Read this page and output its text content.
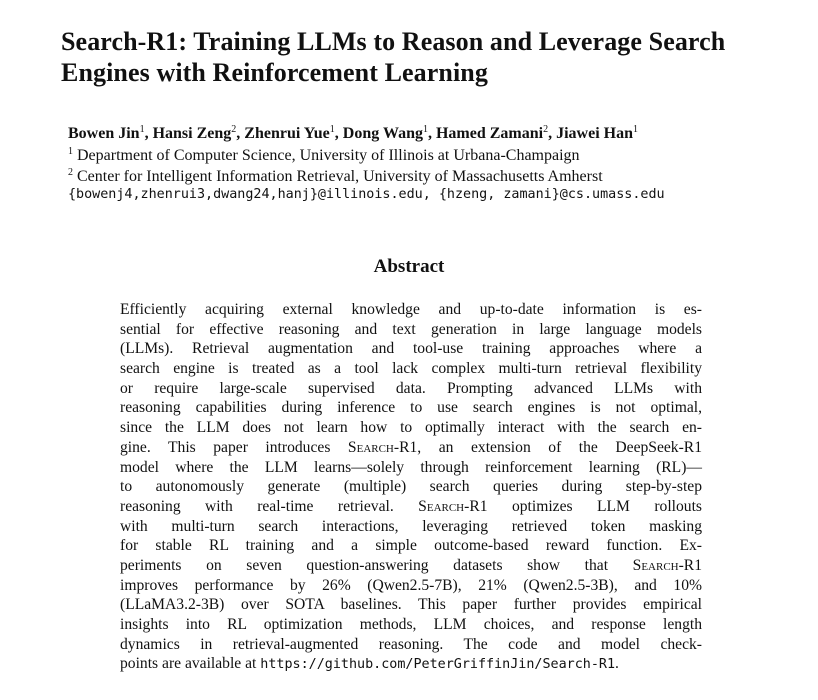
Search-R1: Training LLMs to Reason and Leverage Search
Engines with Reinforcement Learning
Bowen Jin$^1$, Hansi Zeng$^2$, Zhenrui Yue$^1$, Dong Wang$^1$, Hamed Zamani$^2$, Jiawei Han$^1$
$^1$ Department of Computer Science, University of Illinois at Urbana-Champaign
$^2$ Center for Intelligent Information Retrieval, University of Massachusetts Amherst
{bowenj4,zhenrui3,dwang24,hanj}@illinois.edu, {hzeng, zamani}@cs.umass.edu
Abstract
Efficiently acquiring external knowledge and up-to-date information is es-
sential for effective reasoning and text generation in large language models
(LLMs). Retrieval augmentation and tool-use training approaches where a
search engine is treated as a tool lack complex multi-turn retrieval flexibility
or require large-scale supervised data. Prompting advanced LLMs with
reasoning capabilities during inference to use search engines is not optimal,
since the LLM does not learn how to optimally interact with the search en-
gine. This paper introduces Search-R1, an extension of the DeepSeek-R1
model where the LLM learns—solely through reinforcement learning (RL)—
to autonomously generate (multiple) search queries during step-by-step
reasoning with real-time retrieval. Search-R1 optimizes LLM rollouts
with multi-turn search interactions, leveraging retrieved token masking
for stable RL training and a simple outcome-based reward function. Ex-
periments on seven question-answering datasets show that Search-R1
improves performance by 26% (Qwen2.5-7B), 21% (Qwen2.5-3B), and 10%
(LLaMA3.2-3B) over SOTA baselines. This paper further provides empirical
insights into RL optimization methods, LLM choices, and response length
dynamics in retrieval-augmented reasoning. The code and model check-
points are available at https://github.com/PeterGriffinJin/Search-R1.
